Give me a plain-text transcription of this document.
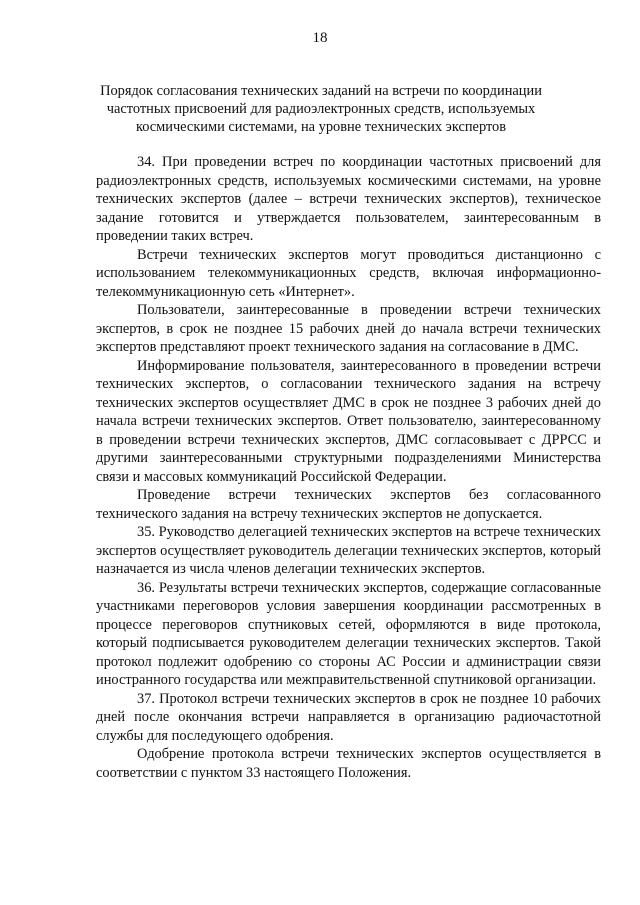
18
Порядок согласования технических заданий на встречи по координации частотных присвоений для радиоэлектронных средств, используемых космическими системами, на уровне технических экспертов

34. При проведении встреч по координации частотных присвоений для радиоэлектронных средств, используемых космическими системами, на уровне технических экспертов (далее – встречи технических экспертов), техническое задание готовится и утверждается пользователем, заинтересованным в проведении таких встреч.

Встречи технических экспертов могут проводиться дистанционно с использованием телекоммуникационных средств, включая информационно-телекоммуникационную сеть «Интернет».

Пользователи, заинтересованные в проведении встречи технических экспертов, в срок не позднее 15 рабочих дней до начала встречи технических экспертов представляют проект технического задания на согласование в ДМС.

Информирование пользователя, заинтересованного в проведении встречи технических экспертов, о согласовании технического задания на встречу технических экспертов осуществляет ДМС в срок не позднее 3 рабочих дней до начала встречи технических экспертов. Ответ пользователю, заинтересованному в проведении встречи технических экспертов, ДМС согласовывает с ДРРСС и другими заинтересованными структурными подразделениями Министерства связи и массовых коммуникаций Российской Федерации.

Проведение встречи технических экспертов без согласованного технического задания на встречу технических экспертов не допускается.

35. Руководство делегацией технических экспертов на встрече технических экспертов осуществляет руководитель делегации технических экспертов, который назначается из числа членов делегации технических экспертов.

36. Результаты встречи технических экспертов, содержащие согласованные участниками переговоров условия завершения координации рассмотренных в процессе переговоров спутниковых сетей, оформляются в виде протокола, который подписывается руководителем делегации технических экспертов. Такой протокол подлежит одобрению со стороны АС России и администрации связи иностранного государства или межправительственной спутниковой организации.

37. Протокол встречи технических экспертов в срок не позднее 10 рабочих дней после окончания встречи направляется в организацию радиочастотной службы для последующего одобрения.

Одобрение протокола встречи технических экспертов осуществляется в соответствии с пунктом 33 настоящего Положения.
